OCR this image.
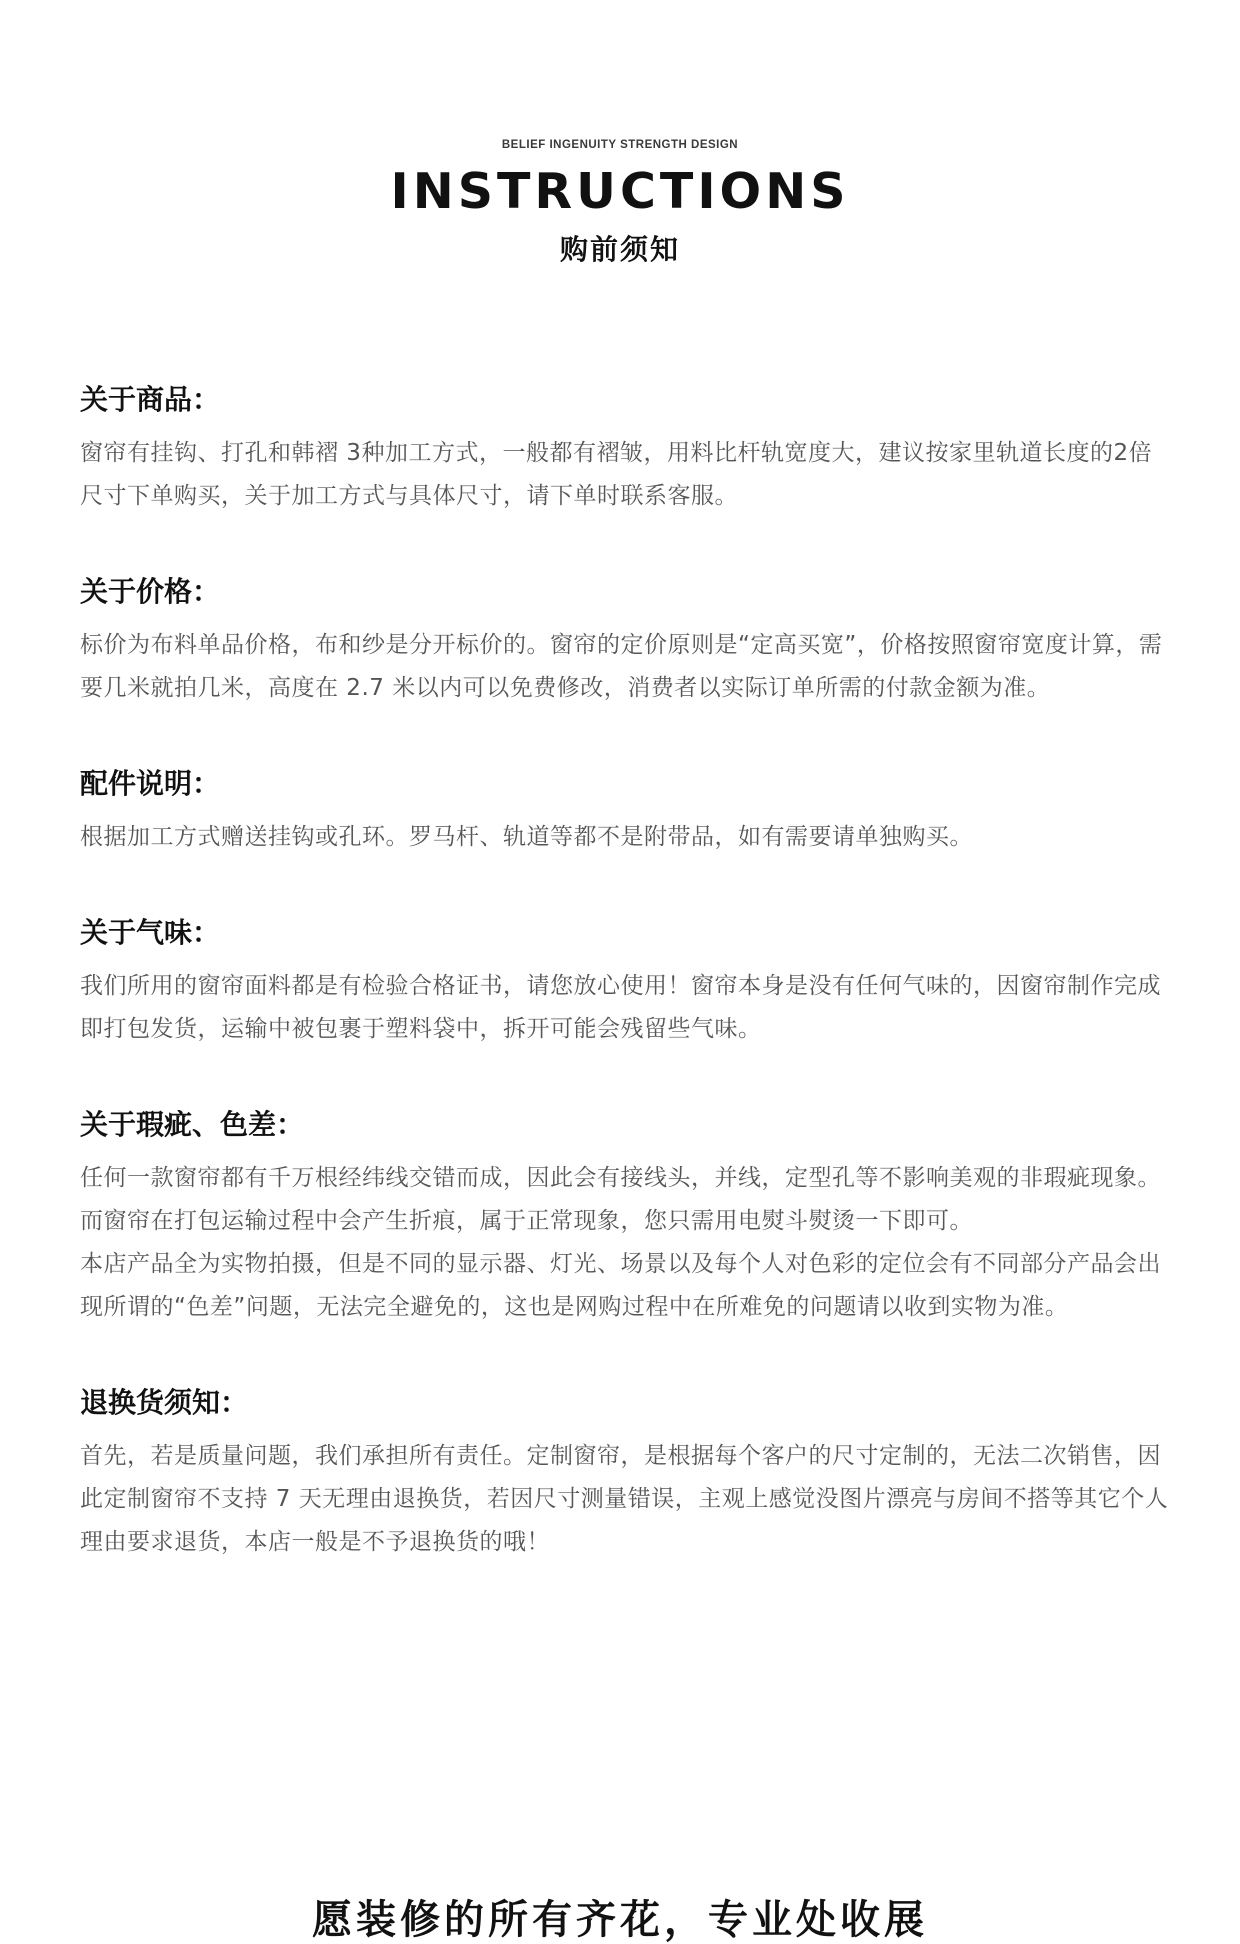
BELIEF INGENUITY STRENGTH DESIGN
INSTRUCTIONS
购前须知
关于商品：

窗帘有挂钩、打孔和韩褶 3种加工方式，一般都有褶皱，用料比杆轨宽度大，建议按家里轨道长度的2倍尺寸下单购买，关于加工方式与具体尺寸，请下单时联系客服。

关于价格：

标价为布料单品价格，布和纱是分开标价的。窗帘的定价原则是“定高买宽”，价格按照窗帘宽度计算，需要几米就拍几米，高度在 2.7 米以内可以免费修改，消费者以实际订单所需的付款金额为准。

配件说明：

根据加工方式赠送挂钩或孔环。罗马杆、轨道等都不是附带品，如有需要请单独购买。

关于气味：

我们所用的窗帘面料都是有检验合格证书，请您放心使用！窗帘本身是没有任何气味的，因窗帘制作完成即打包发货，运输中被包裹于塑料袋中，拆开可能会残留些气味。

关于瑕疵、色差：

任何一款窗帘都有千万根经纬线交错而成，因此会有接线头，并线，定型孔等不影响美观的非瑕疵现象。而窗帘在打包运输过程中会产生折痕，属于正常现象，您只需用电熨斗熨烫一下即可。

本店产品全为实物拍摄，但是不同的显示器、灯光、场景以及每个人对色彩的定位会有不同部分产品会出现所谓的“色差”问题，无法完全避免的，这也是网购过程中在所难免的问题请以收到实物为准。

退换货须知：

首先，若是质量问题，我们承担所有责任。定制窗帘，是根据每个客户的尺寸定制的，无法二次销售，因此定制窗帘不支持 7 天无理由退换货，若因尺寸测量错误，主观上感觉没图片漂亮与房间不搭等其它个人理由要求退货，本店一般是不予退换货的哦！

愿装修的所有齐花，专业处收展
